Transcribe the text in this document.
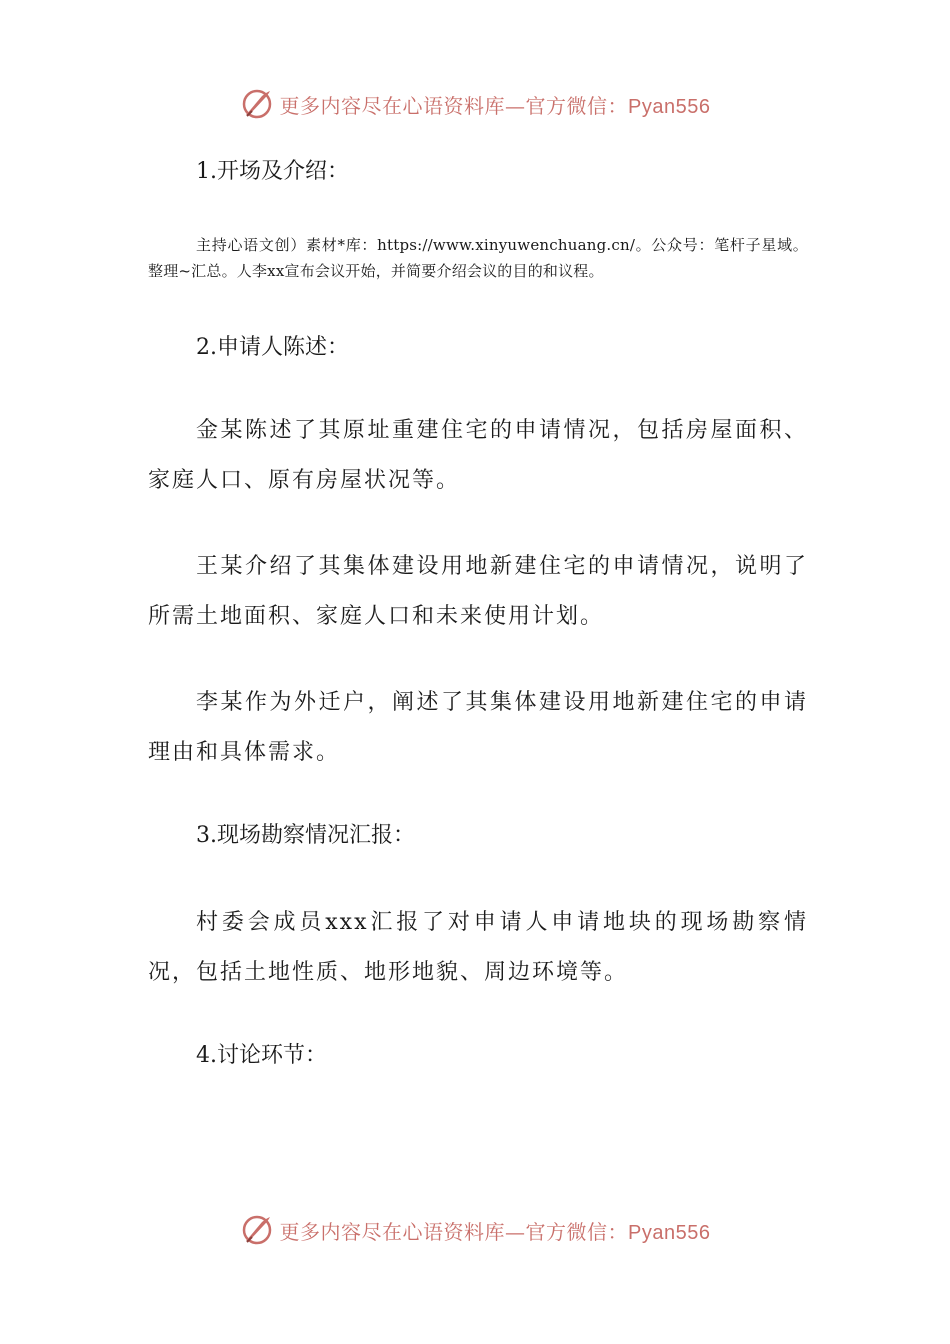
更多内容尽在心语资料库—官方微信：Pyan556

1.开场及介绍：

主持心语文创）素材*库：https://www.xinyuwenchuang.cn/。公众号：笔杆子星域。整理~汇总。人李xx宣布会议开始，并简要介绍会议的目的和议程。

2.申请人陈述：

金某陈述了其原址重建住宅的申请情况，包括房屋面积、家庭人口、原有房屋状况等。

王某介绍了其集体建设用地新建住宅的申请情况，说明了所需土地面积、家庭人口和未来使用计划。

李某作为外迁户，阐述了其集体建设用地新建住宅的申请理由和具体需求。

3.现场勘察情况汇报：

村委会成员xxx汇报了对申请人申请地块的现场勘察情况，包括土地性质、地形地貌、周边环境等。

4.讨论环节：

更多内容尽在心语资料库—官方微信：Pyan556
